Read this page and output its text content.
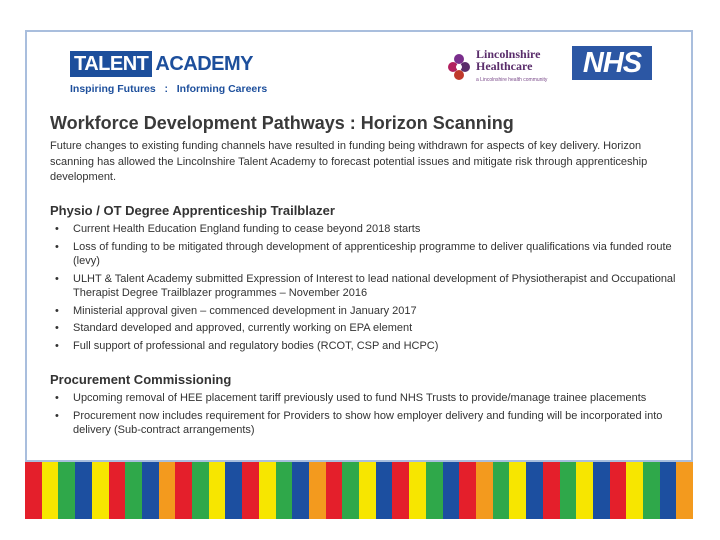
TALENT ACADEMY
Inspiring Futures   :   Informing Careers
Lincolnshire
Healthcare
a Lincolnshire health community
NHS
Workforce Development Pathways : Horizon Scanning
Future changes to existing funding channels have resulted in funding being withdrawn for aspects of key delivery. Horizon scanning has allowed the Lincolnshire Talent Academy to forecast potential issues and mitigate risk through apprenticeship development.
Physio / OT Degree Apprenticeship Trailblazer
• Current Health Education England funding to cease beyond 2018 starts
• Loss of funding to be mitigated through development of apprenticeship programme to deliver qualifications via funded route (levy)
• ULHT & Talent Academy submitted Expression of Interest to lead national development of Physiotherapist and Occupational Therapist Degree Trailblazer programmes – November 2016
• Ministerial approval given – commenced development in January 2017
• Standard developed and approved, currently working on EPA element
• Full support of professional and regulatory bodies (RCOT, CSP and HCPC)
Procurement Commissioning
• Upcoming removal of HEE placement tariff previously used to fund NHS Trusts to provide/manage trainee placements
• Procurement now includes requirement for Providers to show how employer delivery and funding will be incorporated into delivery (Sub-contract arrangements)
